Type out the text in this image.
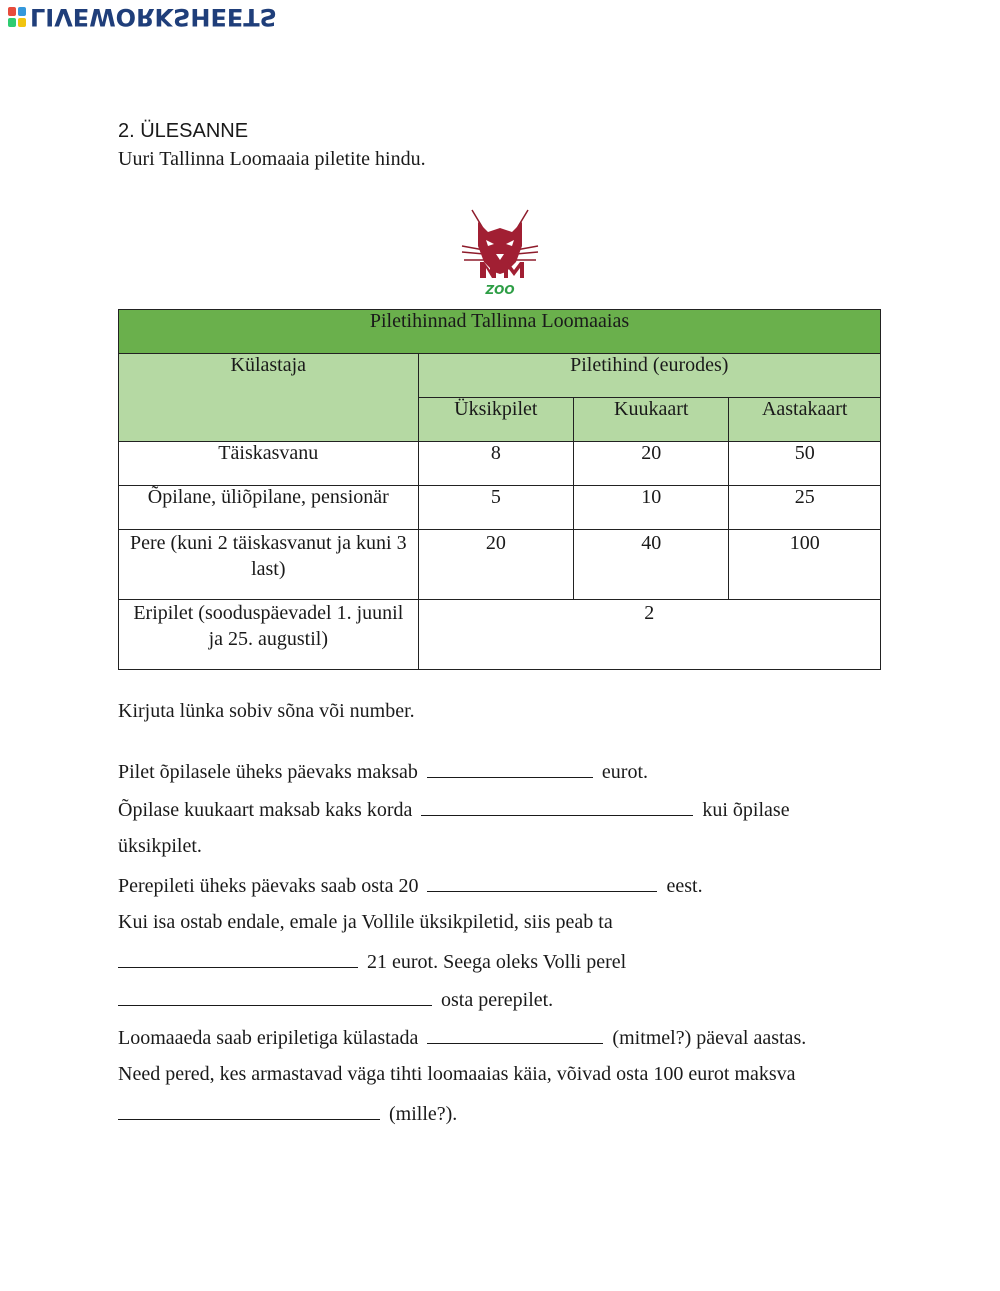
LIVEWORKSHEETS
2. ÜLESANNE
Uuri Tallinna Loomaaia piletite hindu.
ZOO
Piletihinnad Tallinna Loomaaias			
Külastaja	Piletihind (eurodes)		
	Üksikpilet	Kuukaart	Aastakaart
Täiskasvanu	8	20	50
Õpilane, üliõpilane, pensionär	5	10	25
Pere (kuni 2 täiskasvanut ja kuni 3 last)	20	40	100
Eripilet (sooduspäevadel 1. juunil ja 25. augustil)	2		
Kirjuta lünka sobiv sõna või number.
Pilet õpilasele üheks päevaks maksab	eurot.
Õpilase kuukaart maksab kaks korda	kui õpilase
üksikpilet.
Perepileti üheks päevaks saab osta 20	eest.
Kui isa ostab endale, emale ja Vollile üksikpiletid, siis peab ta
21 eurot. Seega oleks Volli perel
osta perepilet.
Loomaaeda saab eripiletiga külastada	(mitmel?) päeval aastas.
Need pered, kes armastavad väga tihti loomaaias käia, võivad osta 100 eurot maksva
(mille?).
